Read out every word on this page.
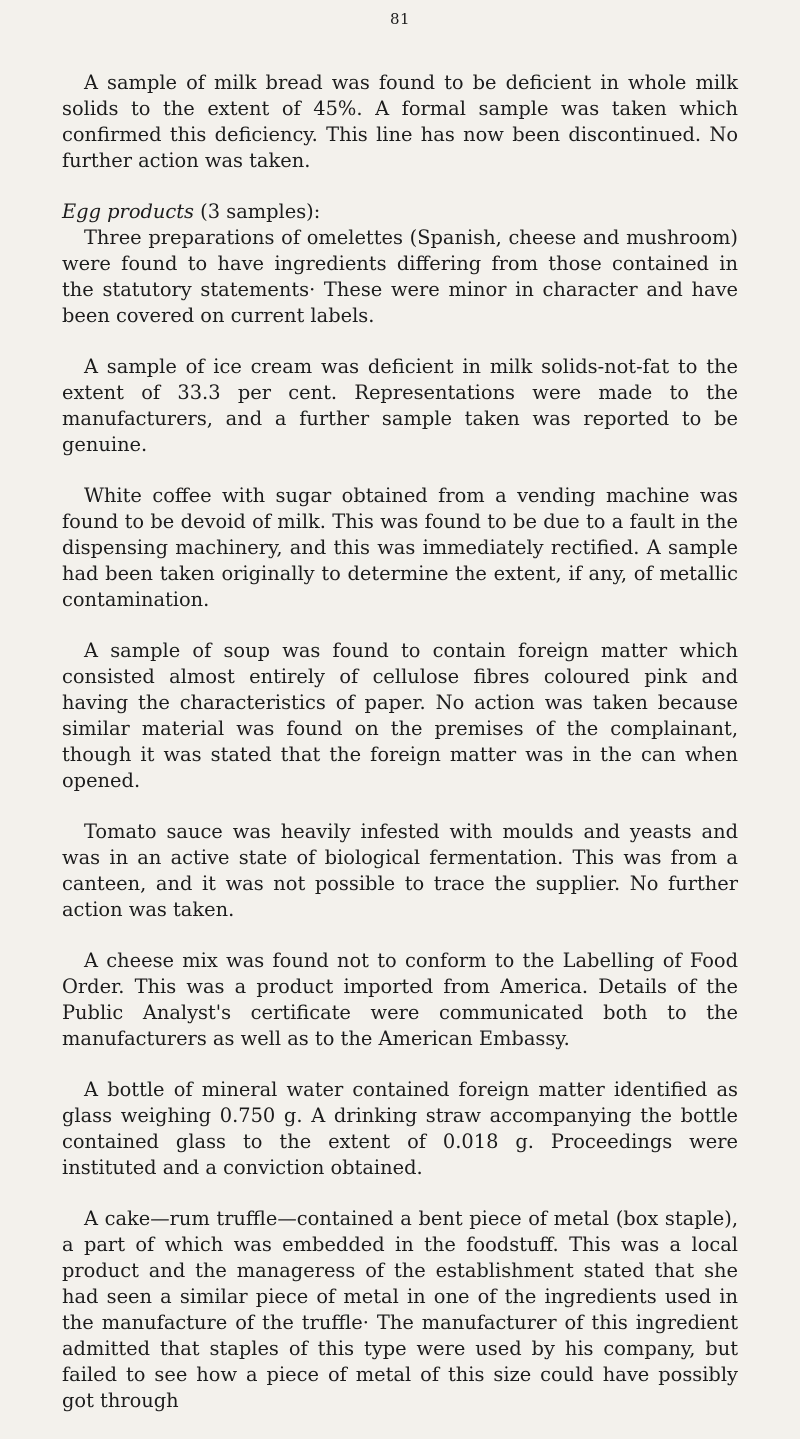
81

A sample of milk bread was found to be deficient in whole milk solids to the extent of 45%. A formal sample was taken which confirmed this deficiency. This line has now been discontinued. No further action was taken.

Egg products (3 samples):

Three preparations of omelettes (Spanish, cheese and mushroom) were found to have ingredients differing from those contained in the statutory statements· These were minor in character and have been covered on current labels.

A sample of ice cream was deficient in milk solids-not-fat to the extent of 33.3 per cent. Representations were made to the manufacturers, and a further sample taken was reported to be genuine.

White coffee with sugar obtained from a vending machine was found to be devoid of milk. This was found to be due to a fault in the dispensing machinery, and this was immediately rectified. A sample had been taken originally to determine the extent, if any, of metallic contamination.

A sample of soup was found to contain foreign matter which consisted almost entirely of cellulose fibres coloured pink and having the characteristics of paper. No action was taken because similar material was found on the premises of the complainant, though it was stated that the foreign matter was in the can when opened.

Tomato sauce was heavily infested with moulds and yeasts and was in an active state of biological fermentation. This was from a canteen, and it was not possible to trace the supplier. No further action was taken.

A cheese mix was found not to conform to the Labelling of Food Order. This was a product imported from America. Details of the Public Analyst's certificate were communicated both to the manufacturers as well as to the American Embassy.

A bottle of mineral water contained foreign matter identified as glass weighing 0.750 g. A drinking straw accompanying the bottle contained glass to the extent of 0.018 g. Proceedings were instituted and a conviction obtained.

A cake—rum truffle—contained a bent piece of metal (box staple), a part of which was embedded in the foodstuff. This was a local product and the manageress of the establishment stated that she had seen a similar piece of metal in one of the ingredients used in the manufacture of the truffle· The manufacturer of this ingredient admitted that staples of this type were used by his company, but failed to see how a piece of metal of this size could have possibly got through
